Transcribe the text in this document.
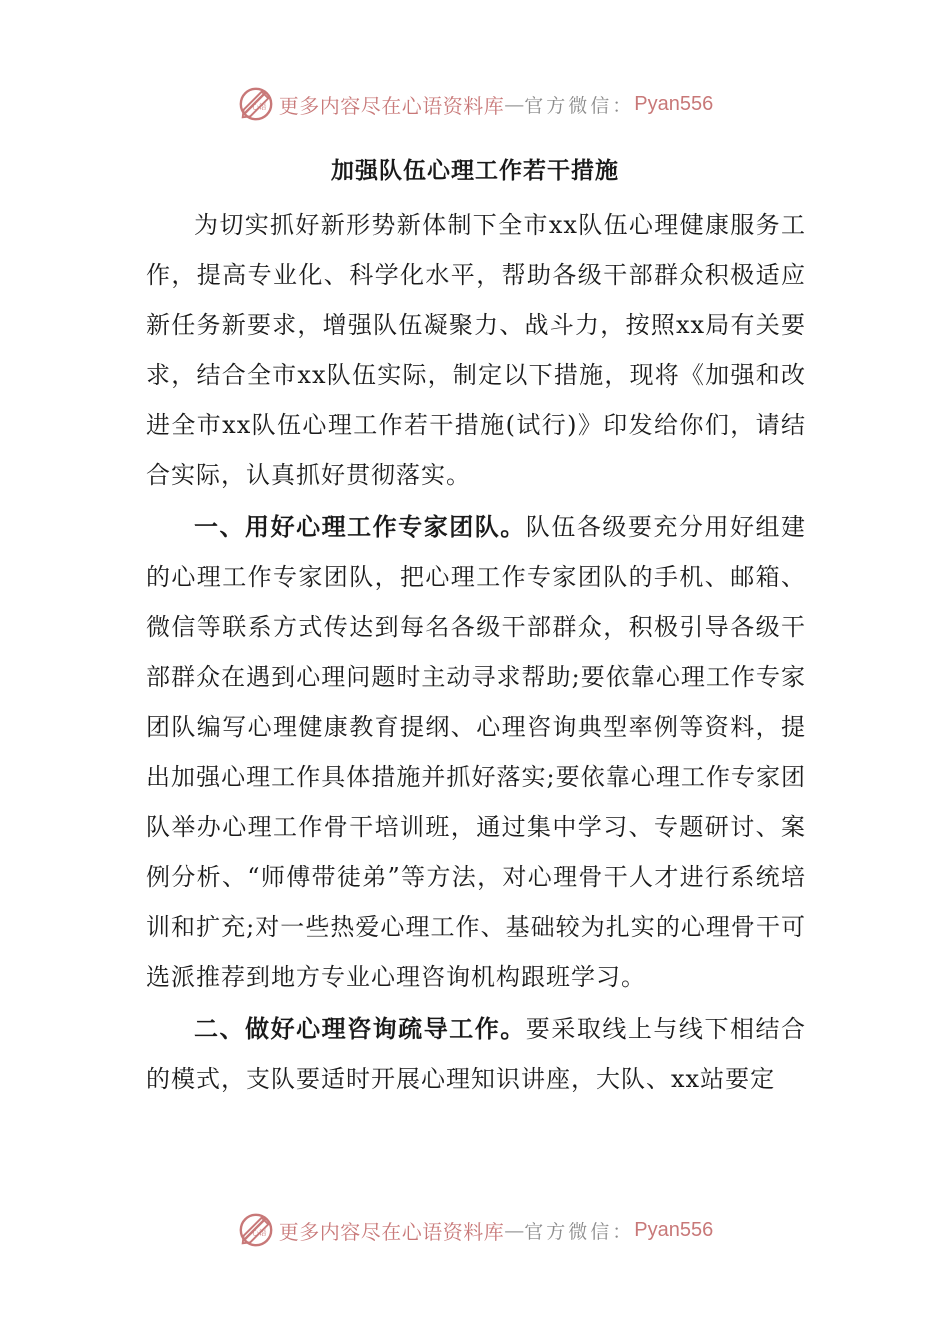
心语 更多内容尽在心语资料库 — 官方微信： Pyan556
加强队伍心理工作若干措施

为切实抓好新形势新体制下全市xx队伍心理健康服务工作，提高专业化、科学化水平，帮助各级干部群众积极适应新任务新要求，增强队伍凝聚力、战斗力，按照xx局有关要求，结合全市xx队伍实际，制定以下措施，现将《加强和改进全市xx队伍心理工作若干措施(试行)》印发给你们，请结合实际，认真抓好贯彻落实。

一、用好心理工作专家团队。队伍各级要充分用好组建的心理工作专家团队，把心理工作专家团队的手机、邮箱、微信等联系方式传达到每名各级干部群众，积极引导各级干部群众在遇到心理问题时主动寻求帮助;要依靠心理工作专家团队编写心理健康教育提纲、心理咨询典型率例等资料，提出加强心理工作具体措施并抓好落实;要依靠心理工作专家团队举办心理工作骨干培训班，通过集中学习、专题研讨、案例分析、“师傅带徒弟”等方法，对心理骨干人才进行系统培训和扩充;对一些热爱心理工作、基础较为扎实的心理骨干可选派推荐到地方专业心理咨询机构跟班学习。

二、做好心理咨询疏导工作。要采取线上与线下相结合的模式，支队要适时开展心理知识讲座，大队、xx站要定

心语 更多内容尽在心语资料库 — 官方微信： Pyan556
